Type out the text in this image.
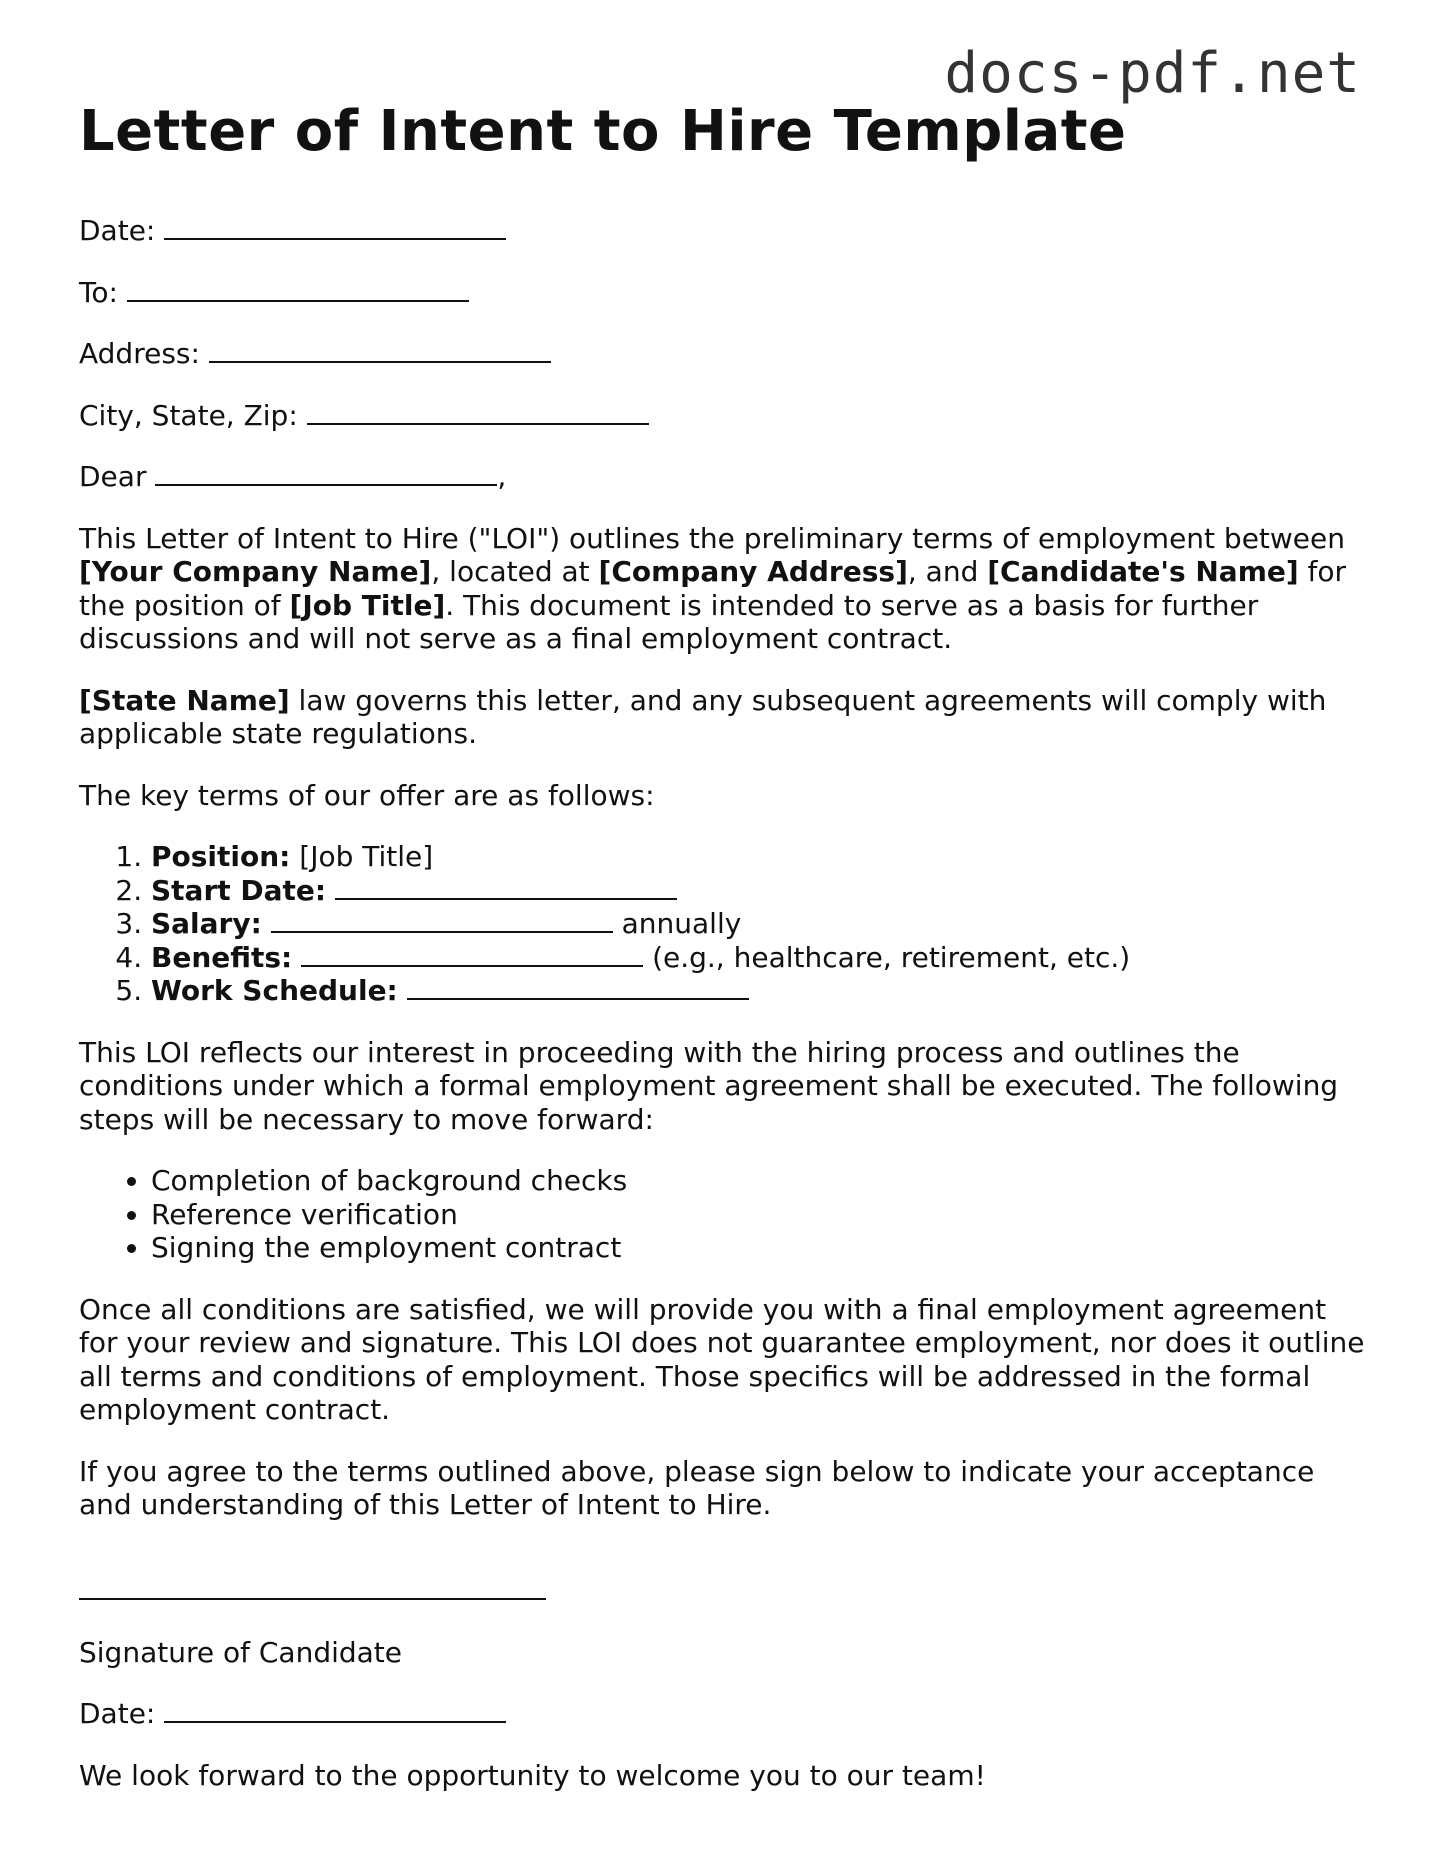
docs-pdf.net
Letter of Intent to Hire Template

Date:

To:

Address:

City, State, Zip:

Dear	,

This Letter of Intent to Hire ("LOI") outlines the preliminary terms of employment between [Your Company Name], located at [Company Address], and [Candidate's Name] for the position of [Job Title]. This document is intended to serve as a basis for further discussions and will not serve as a final employment contract.

[State Name] law governs this letter, and any subsequent agreements will comply with applicable state regulations.

The key terms of our offer are as follows:

1. Position: [Job Title]
2. Start Date:
3. Salary:	annually
4. Benefits:	(e.g., healthcare, retirement, etc.)
5. Work Schedule:

This LOI reflects our interest in proceeding with the hiring process and outlines the conditions under which a formal employment agreement shall be executed. The following steps will be necessary to move forward:

• Completion of background checks
• Reference verification
• Signing the employment contract

Once all conditions are satisfied, we will provide you with a final employment agreement for your review and signature. This LOI does not guarantee employment, nor does it outline all terms and conditions of employment. Those specifics will be addressed in the formal employment contract.

If you agree to the terms outlined above, please sign below to indicate your acceptance and understanding of this Letter of Intent to Hire.

Signature of Candidate

Date:

We look forward to the opportunity to welcome you to our team!
